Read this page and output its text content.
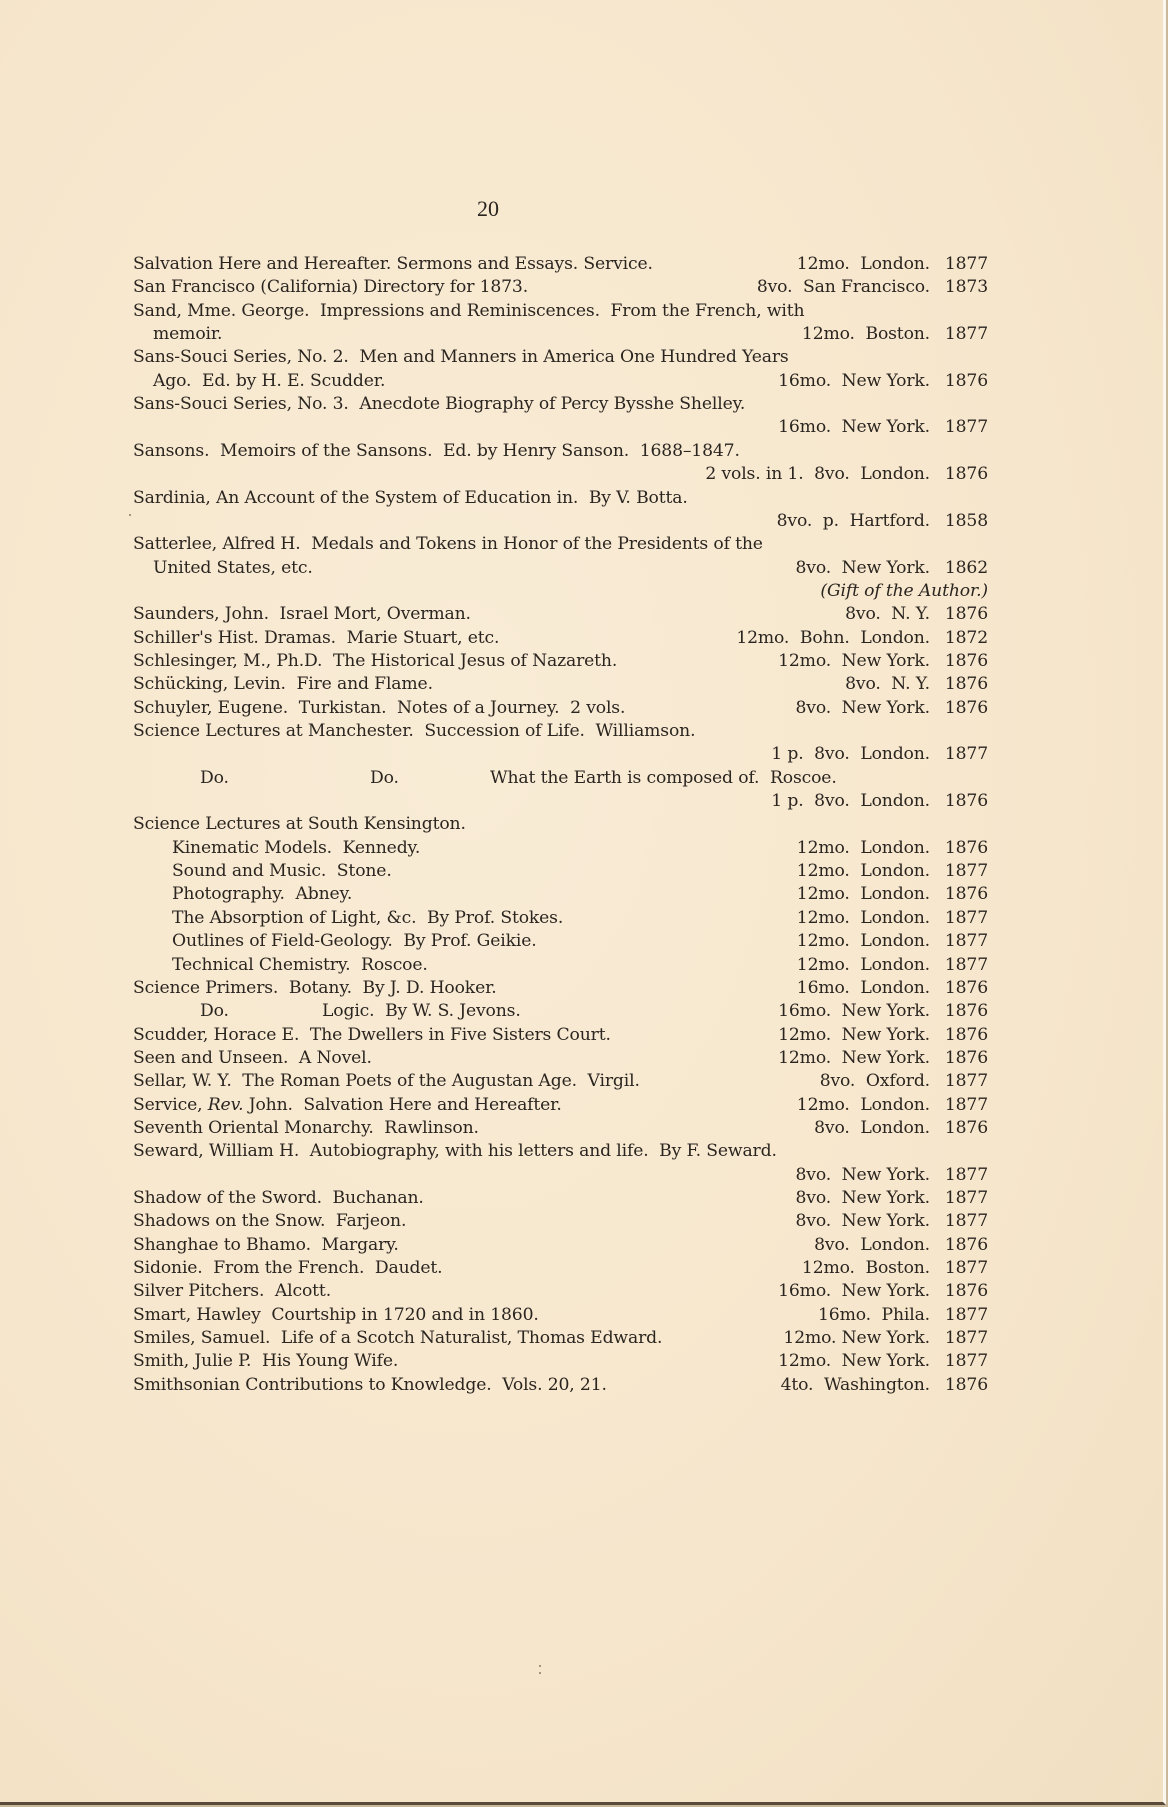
20
Salvation Here and Hereafter. Sermons and Essays. Service.	12mo.  London. 1877
San Francisco (California) Directory for 1873.	8vo.  San Francisco. 1873
Sand, Mme. George.  Impressions and Reminiscences.  From the French, with
memoir.	12mo.  Boston. 1877
Sans-Souci Series, No. 2.  Men and Manners in America One Hundred Years
Ago.  Ed. by H. E. Scudder.	16mo.  New York. 1876
Sans-Souci Series, No. 3.  Anecdote Biography of Percy Bysshe Shelley.
16mo.  New York. 1877
Sansons.  Memoirs of the Sansons.  Ed. by Henry Sanson.  1688–1847.
2 vols. in 1.  8vo.  London. 1876
Sardinia, An Account of the System of Education in.  By V. Botta.
8vo.  p.  Hartford. 1858
Satterlee, Alfred H.  Medals and Tokens in Honor of the Presidents of the
United States, etc.	8vo.  New York. 1862
(Gift of the Author.)
Saunders, John.  Israel Mort, Overman.	8vo.  N. Y. 1876
Schiller's Hist. Dramas.  Marie Stuart, etc.	12mo.  Bohn.  London. 1872
Schlesinger, M., Ph.D.  The Historical Jesus of Nazareth.	12mo.  New York. 1876
Schücking, Levin.  Fire and Flame.	8vo.  N. Y. 1876
Schuyler, Eugene.  Turkistan.  Notes of a Journey.  2 vols.	8vo.  New York. 1876
Science Lectures at Manchester.  Succession of Life.  Williamson.
1 p.  8vo.  London. 1877
Do.	Do.	What the Earth is composed of.  Roscoe.
1 p.  8vo.  London. 1876
Science Lectures at South Kensington.
Kinematic Models.  Kennedy.	12mo.  London. 1876
Sound and Music.  Stone.	12mo.  London. 1877
Photography.  Abney.	12mo.  London. 1876
The Absorption of Light, &c.  By Prof. Stokes.	12mo.  London. 1877
Outlines of Field-Geology.  By Prof. Geikie.	12mo.  London. 1877
Technical Chemistry.  Roscoe.	12mo.  London. 1877
Science Primers.  Botany.  By J. D. Hooker.	16mo.  London. 1876
Do.	Logic.  By W. S. Jevons.	16mo.  New York. 1876
Scudder, Horace E.  The Dwellers in Five Sisters Court.	12mo.  New York. 1876
Seen and Unseen.  A Novel.	12mo.  New York. 1876
Sellar, W. Y.  The Roman Poets of the Augustan Age.  Virgil.	8vo.  Oxford. 1877
Service, Rev. John.  Salvation Here and Hereafter.	12mo.  London. 1877
Seventh Oriental Monarchy.  Rawlinson.	8vo.  London. 1876
Seward, William H.  Autobiography, with his letters and life.  By F. Seward.
8vo.  New York. 1877
Shadow of the Sword.  Buchanan.	8vo.  New York. 1877
Shadows on the Snow.  Farjeon.	8vo.  New York. 1877
Shanghae to Bhamo.  Margary.	8vo.  London. 1876
Sidonie.  From the French.  Daudet.	12mo.  Boston. 1877
Silver Pitchers.  Alcott.	16mo.  New York. 1876
Smart, Hawley  Courtship in 1720 and in 1860.	16mo.  Phila. 1877
Smiles, Samuel.  Life of a Scotch Naturalist, Thomas Edward.	12mo. New York. 1877
Smith, Julie P.  His Young Wife.	12mo.  New York. 1877
Smithsonian Contributions to Knowledge.  Vols. 20, 21.	4to.  Washington. 1876
